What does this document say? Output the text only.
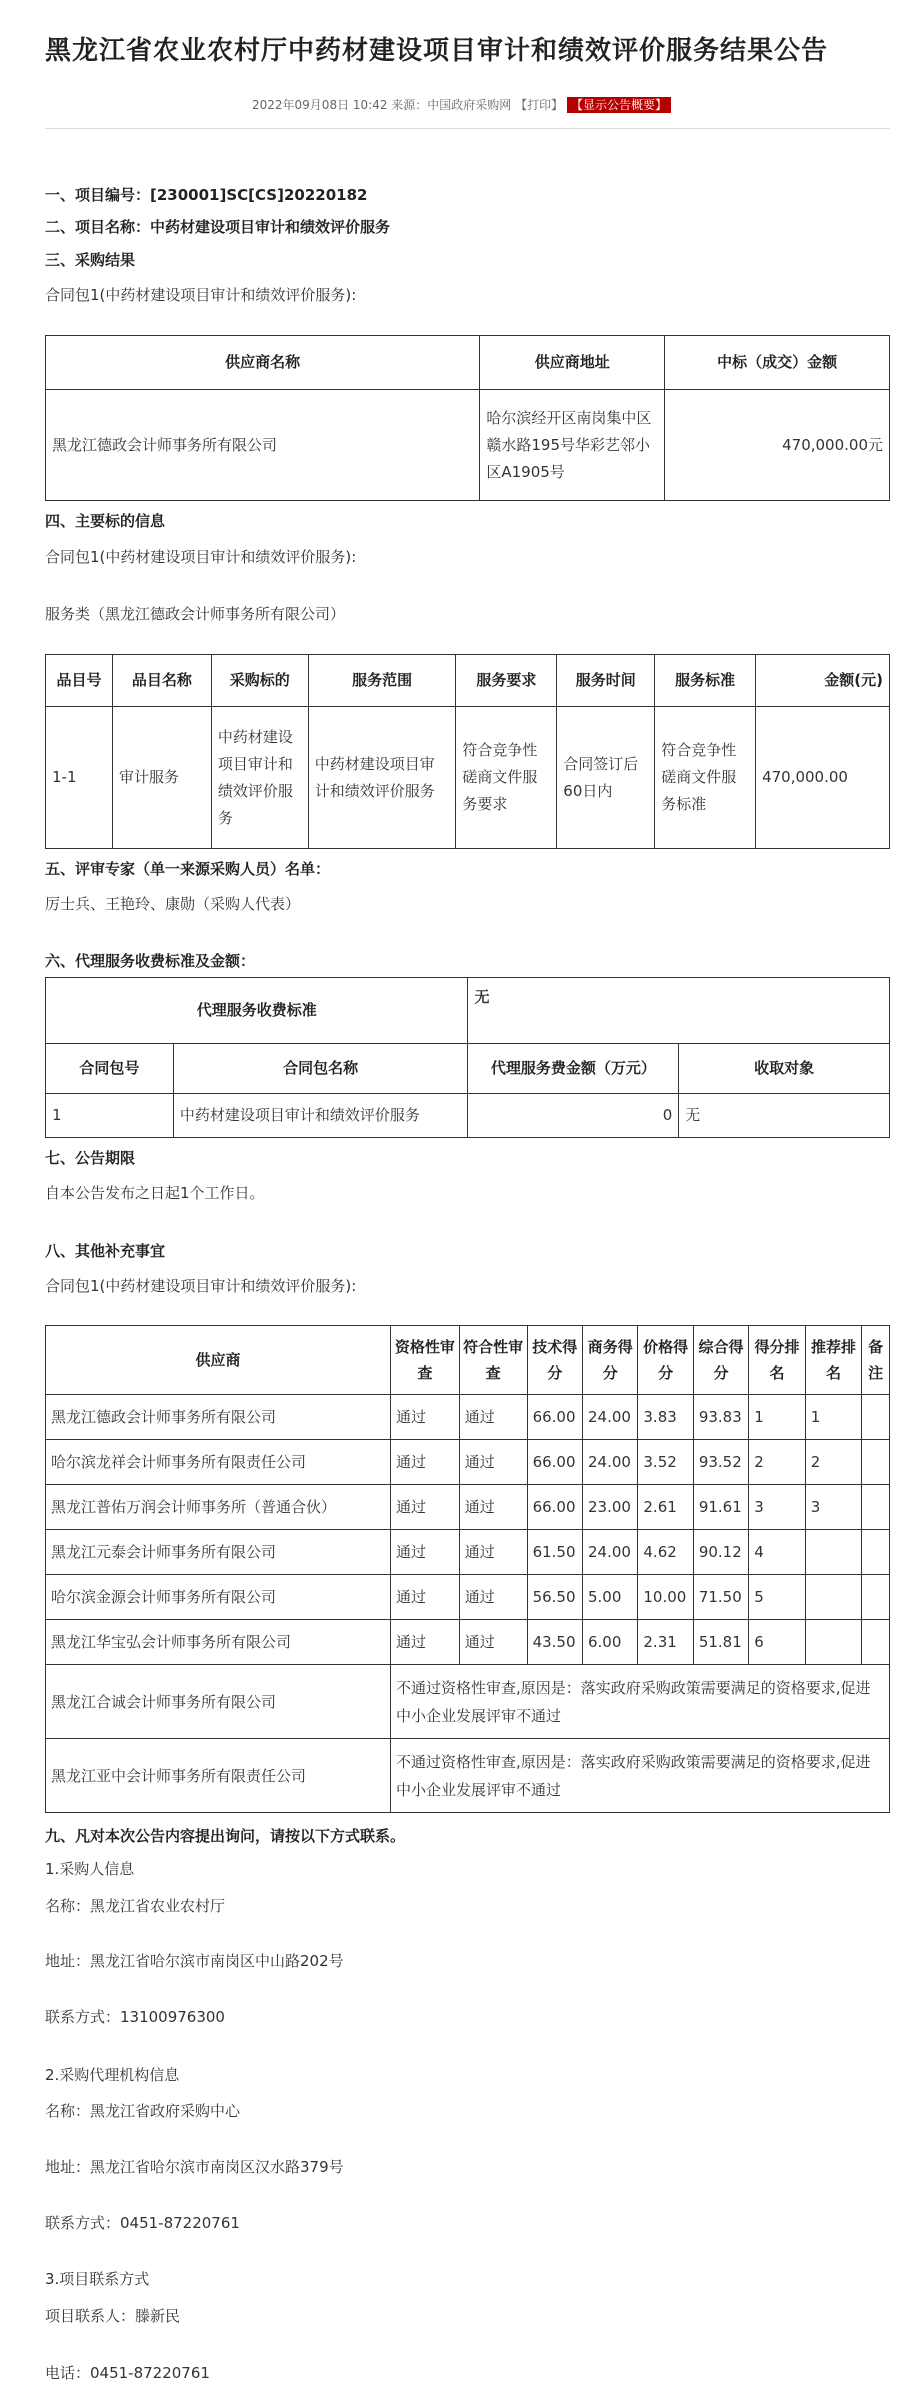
黑龙江省农业农村厅中药材建设项目审计和绩效评价服务结果公告
2022年09月08日 10:42 来源：中国政府采购网 【打印】 【显示公告概要】
一、项目编号：[230001]SC[CS]20220182
二、项目名称：中药材建设项目审计和绩效评价服务
三、采购结果
合同包1(中药材建设项目审计和绩效评价服务):
供应商名称	供应商地址	中标（成交）金额
黑龙江德政会计师事务所有限公司	哈尔滨经开区南岗集中区赣水路195号华彩艺邻小区A1905号	470,000.00元
四、主要标的信息
合同包1(中药材建设项目审计和绩效评价服务):
服务类（黑龙江德政会计师事务所有限公司）
品目号	品目名称	采购标的	服务范围	服务要求	服务时间	服务标准	金额(元)
1-1	审计服务	中药材建设项目审计和绩效评价服务	中药材建设项目审计和绩效评价服务	符合竞争性磋商文件服务要求	合同签订后60日内	符合竞争性磋商文件服务标准	470,000.00
五、评审专家（单一来源采购人员）名单：
厉士兵、王艳玲、康勋（采购人代表）
六、代理服务收费标准及金额：
代理服务收费标准		无	
合同包号	合同包名称	代理服务费金额（万元）	收取对象
1	中药材建设项目审计和绩效评价服务	0	无
七、公告期限
自本公告发布之日起1个工作日。
八、其他补充事宜
合同包1(中药材建设项目审计和绩效评价服务):
供应商	资格性审查	符合性审查	技术得分	商务得分	价格得分	综合得分	得分排名	推荐排名	备注
黑龙江德政会计师事务所有限公司	通过	通过	66.00	24.00	3.83	93.83	1	1	
哈尔滨龙祥会计师事务所有限责任公司	通过	通过	66.00	24.00	3.52	93.52	2	2	
黑龙江普佑万润会计师事务所（普通合伙）	通过	通过	66.00	23.00	2.61	91.61	3	3	
黑龙江元泰会计师事务所有限公司	通过	通过	61.50	24.00	4.62	90.12	4		
哈尔滨金源会计师事务所有限公司	通过	通过	56.50	5.00	10.00	71.50	5		
黑龙江华宝弘会计师事务所有限公司	通过	通过	43.50	6.00	2.31	51.81	6		
黑龙江合诚会计师事务所有限公司	不通过资格性审查,原因是：落实政府采购政策需要满足的资格要求,促进中小企业发展评审不通过								
黑龙江亚中会计师事务所有限责任公司	不通过资格性审查,原因是：落实政府采购政策需要满足的资格要求,促进中小企业发展评审不通过								
九、凡对本次公告内容提出询问，请按以下方式联系。
1.采购人信息
名称：黑龙江省农业农村厅
地址：黑龙江省哈尔滨市南岗区中山路202号
联系方式：13100976300
2.采购代理机构信息
名称：黑龙江省政府采购中心
地址：黑龙江省哈尔滨市南岗区汉水路379号
联系方式：0451-87220761
3.项目联系方式
项目联系人：滕新民
电话：0451-87220761
